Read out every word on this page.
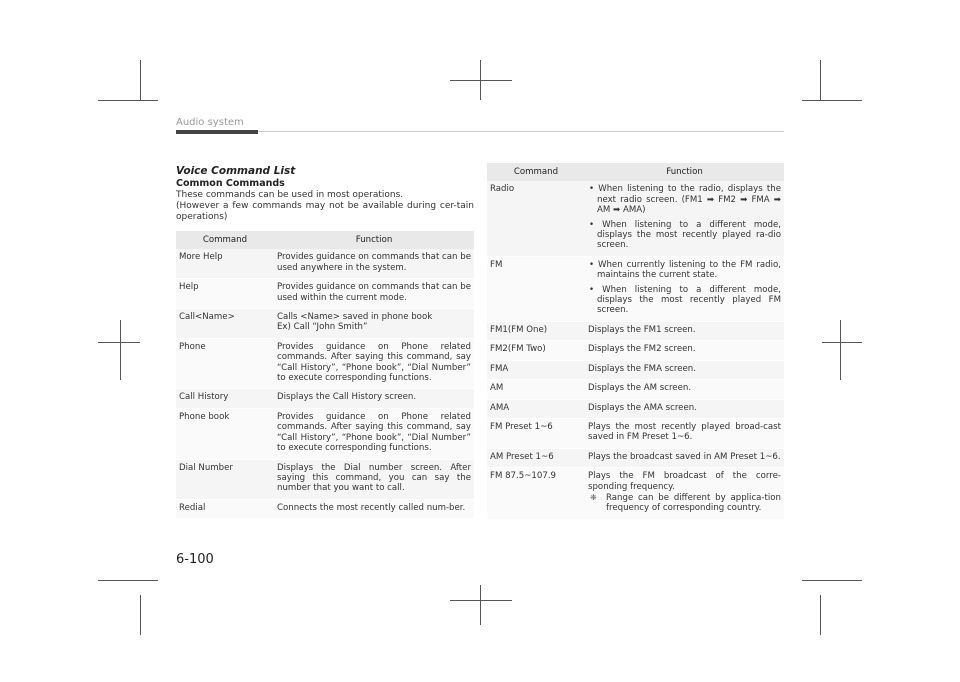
Audio system
Voice Command List
Common Commands
These commands can be used in most operations.
(However a few commands may not be available during cer-tain operations)
Command	Function
More Help	Provides guidance on commands that can be used anywhere in the system.
Help	Provides guidance on commands that can be used within the current mode.
Call<Name>	Calls <Name> saved in phone book
Ex) Call “John Smith”

Phone	Provides guidance on Phone related commands. After saying this command, say “Call History”, “Phone book”, “Dial Number” to execute corresponding functions.
Call History	Displays the Call History screen.
Phone book	Provides guidance on Phone related commands. After saying this command, say “Call History”, “Phone book”, “Dial Number” to execute corresponding functions.
Dial Number	Displays the Dial number screen. After saying this command, you can say the number that you want to call.
Redial	Connects the most recently called num-ber.
Command	Function
Radio	• When listening to the radio, displays the next radio screen. (FM1 ➡ FM2 ➡ FMA ➡ AM ➡ AMA)
• When listening to a different mode, displays the most recently played ra-dio screen.

FM	• When currently listening to the FM radio, maintains the current state.
• When listening to a different mode, displays the most recently played FM screen.

FM1(FM One)	Displays the FM1 screen.
FM2(FM Two)	Displays the FM2 screen.
FMA	Displays the FMA screen.
AM	Displays the AM screen.
AMA	Displays the AMA screen.
FM Preset 1~6	Plays the most recently played broad-cast saved in FM Preset 1~6.
AM Preset 1~6	Plays the broadcast saved in AM Preset 1~6.
FM 87.5~107.9	Plays the FM broadcast of the corre-sponding frequency.
❈ Range can be different by applica-tion frequency of corresponding country.
6-100
